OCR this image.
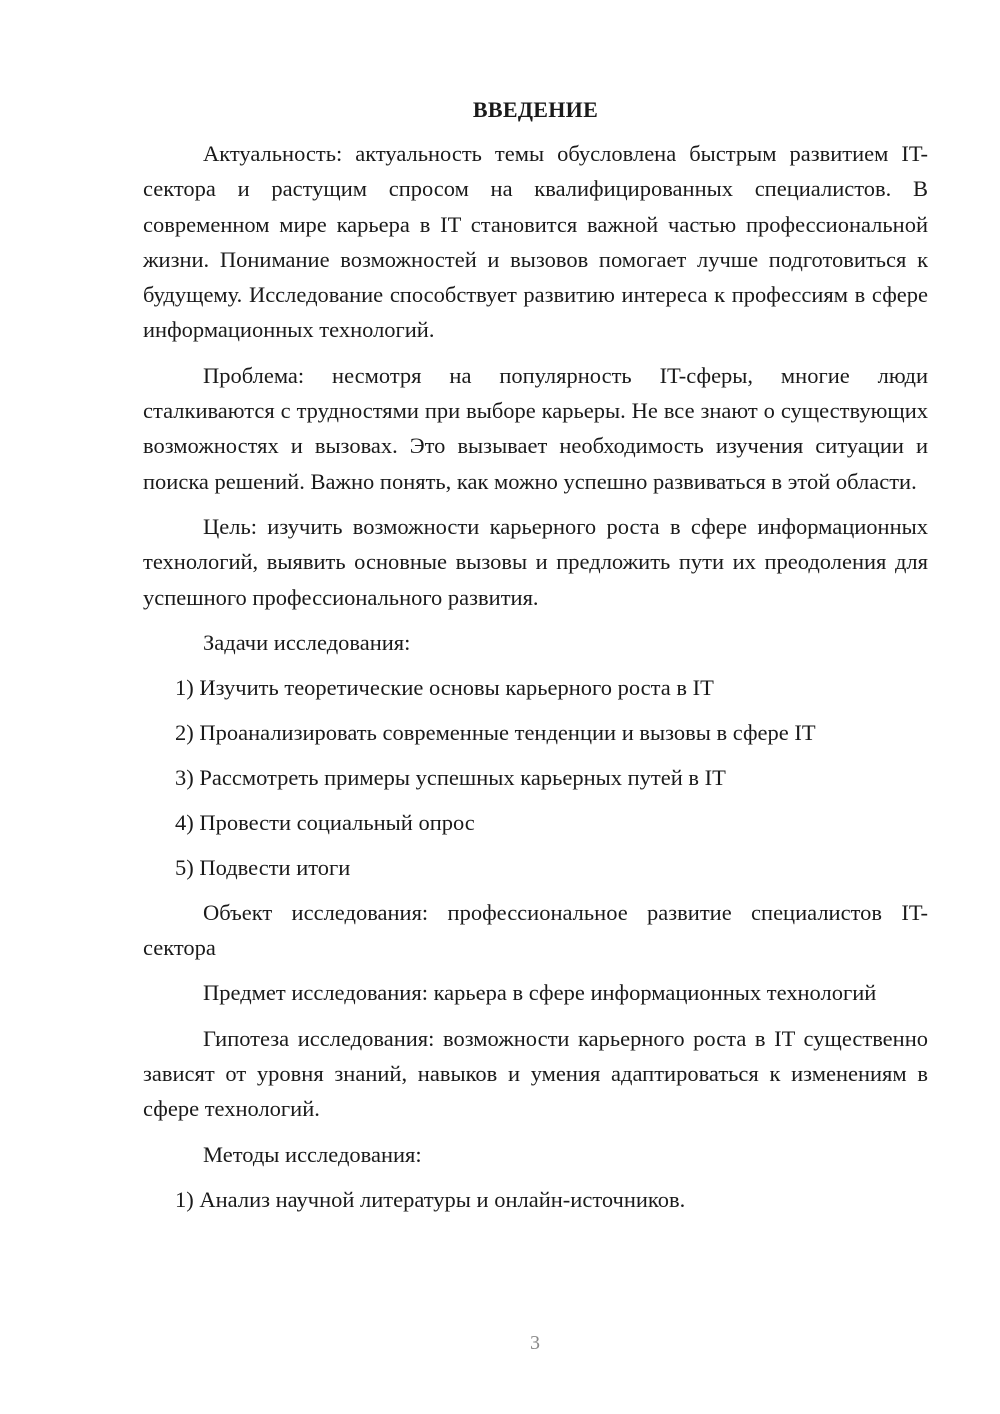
ВВЕДЕНИЕ

Актуальность: актуальность темы обусловлена быстрым развитием IT-сектора и растущим спросом на квалифицированных специалистов. В современном мире карьера в IT становится важной частью профессиональной жизни. Понимание возможностей и вызовов помогает лучше подготовиться к будущему. Исследование способствует развитию интереса к профессиям в сфере информационных технологий.

Проблема: несмотря на популярность IT-сферы, многие люди сталкиваются с трудностями при выборе карьеры. Не все знают о существующих возможностях и вызовах. Это вызывает необходимость изучения ситуации и поиска решений. Важно понять, как можно успешно развиваться в этой области.

Цель: изучить возможности карьерного роста в сфере информационных технологий, выявить основные вызовы и предложить пути их преодоления для успешного профессионального развития.

Задачи исследования:
1) Изучить теоретические основы карьерного роста в IT
2) Проанализировать современные тенденции и вызовы в сфере IT
3) Рассмотреть примеры успешных карьерных путей в IT
4) Провести социальный опрос
5) Подвести итоги

Объект исследования: профессиональное развитие специалистов IT-сектора

Предмет исследования: карьера в сфере информационных технологий

Гипотеза исследования: возможности карьерного роста в IT существенно зависят от уровня знаний, навыков и умения адаптироваться к изменениям в сфере технологий.

Методы исследования:
1) Анализ научной литературы и онлайн-источников.
3
